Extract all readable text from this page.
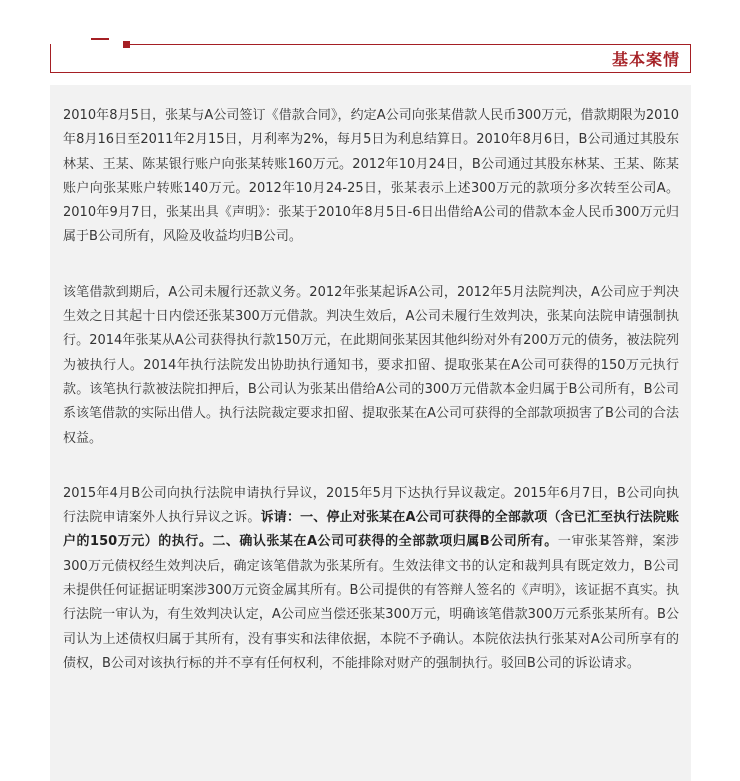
基本案情

2010年8月5日，张某与A公司签订《借款合同》，约定A公司向张某借款人民币300万元，借款期限为2010年8月16日至2011年2月15日，月利率为2%，每月5日为利息结算日。2010年8月6日，B公司通过其股东林某、王某、陈某银行账户向张某转账160万元。2012年10月24日，B公司通过其股东林某、王某、陈某账户向张某账户转账140万元。2012年10月24-25日，张某表示上述300万元的款项分多次转至公司A。2010年9月7日，张某出具《声明》：张某于2010年8月5日-6日出借给A公司的借款本金人民币300万元归属于B公司所有，风险及收益均归B公司。

该笔借款到期后，A公司未履行还款义务。2012年张某起诉A公司，2012年5月法院判决，A公司应于判决生效之日其起十日内偿还张某300万元借款。判决生效后，A公司未履行生效判决，张某向法院申请强制执行。2014年张某从A公司获得执行款150万元，在此期间张某因其他纠纷对外有200万元的债务，被法院列为被执行人。2014年执行法院发出协助执行通知书，要求扣留、提取张某在A公司可获得的150万元执行款。该笔执行款被法院扣押后，B公司认为张某出借给A公司的300万元借款本金归属于B公司所有，B公司系该笔借款的实际出借人。执行法院裁定要求扣留、提取张某在A公司可获得的全部款项损害了B公司的合法权益。

2015年4月B公司向执行法院申请执行异议，2015年5月下达执行异议裁定。2015年6月7日，B公司向执行法院申请案外人执行异议之诉。诉请：一、停止对张某在A公司可获得的全部款项（含已汇至执行法院账户的150万元）的执行。二、确认张某在A公司可获得的全部款项归属B公司所有。一审张某答辩，案涉300万元债权经生效判决后，确定该笔借款为张某所有。生效法律文书的认定和裁判具有既定效力，B公司未提供任何证据证明案涉300万元资金属其所有。B公司提供的有答辩人签名的《声明》，该证据不真实。执行法院一审认为，有生效判决认定，A公司应当偿还张某300万元，明确该笔借款300万元系张某所有。B公司认为上述债权归属于其所有，没有事实和法律依据，本院不予确认。本院依法执行张某对A公司所享有的债权，B公司对该执行标的并不享有任何权利，不能排除对财产的强制执行。驳回B公司的诉讼请求。
